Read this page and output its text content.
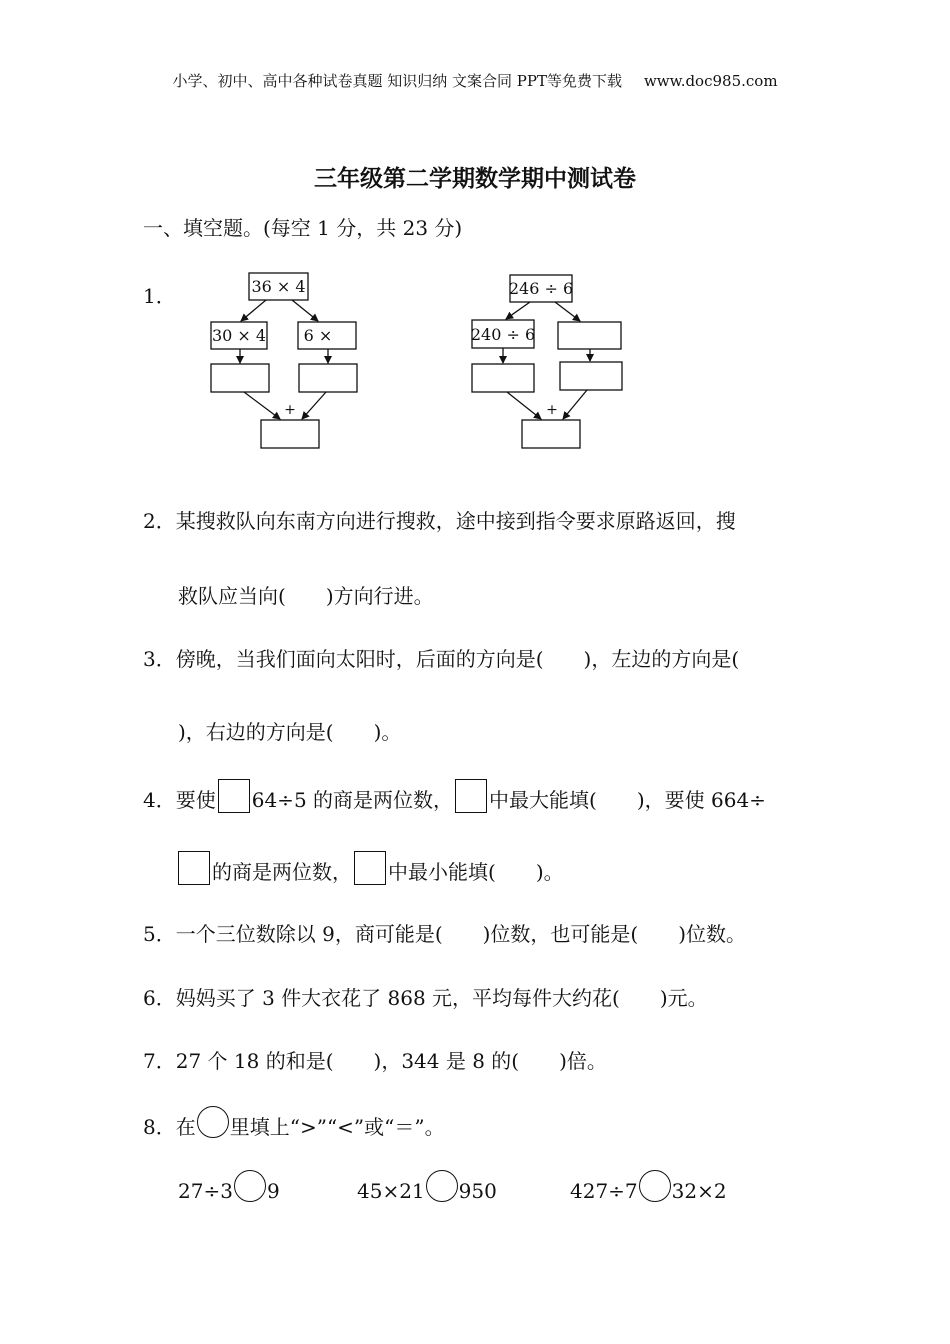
小学、初中、高中各种试卷真题 知识归纳 文案合同 PPT等免费下载 www.doc985.com
三年级第二学期数学期中测试卷
一、填空题。(每空 1 分，共 23 分)
1．	36 × 4
30 × 4 6 ×
+
246 ÷ 6
240 ÷ 6
+
2．某搜救队向东南方向进行搜救，途中接到指令要求原路返回，搜
救队应当向( )方向行进。
3．傍晚，当我们面向太阳时，后面的方向是( )，左边的方向是(
)，右边的方向是( )。
4．要使 64÷5 的商是两位数， 中最大能填( )，要使 664÷
的商是两位数， 中最小能填( )。
5．一个三位数除以 9，商可能是( )位数，也可能是( )位数。
6．妈妈买了 3 件大衣花了 868 元，平均每件大约花( )元。
7．27 个 18 的和是( )，344 是 8 的( )倍。
8．在 里填上“>”“<”或“＝”。
27÷3 9	45×21 950	427÷7 32×2
